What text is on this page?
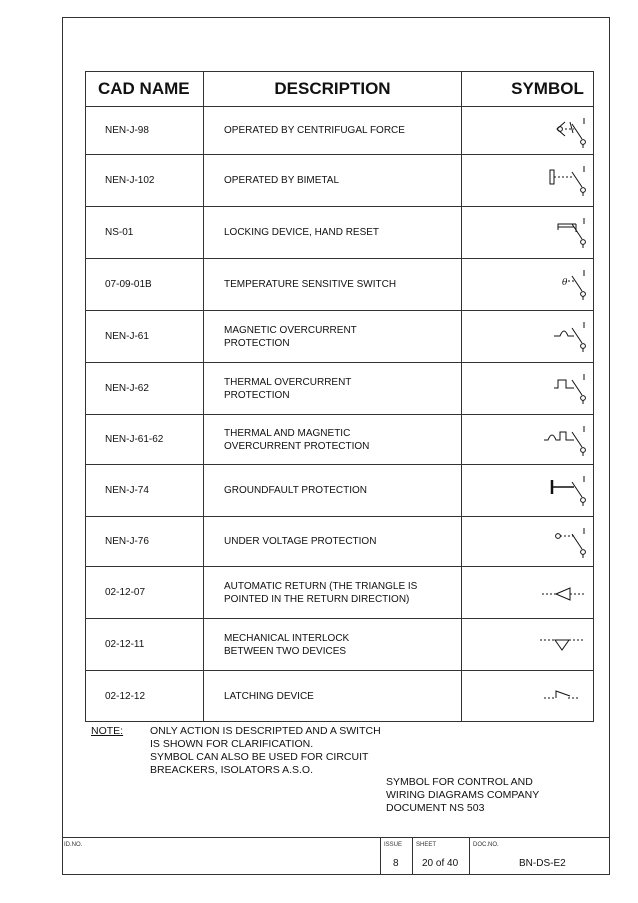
CAD NAME	DESCRIPTION	SYMBOL
NEN-J-98	OPERATED BY CENTRIFUGAL FORCE	

NEN-J-102	OPERATED BY BIMETAL	

NS-01	LOCKING DEVICE, HAND RESET	

07-09-01B	TEMPERATURE SENSITIVE SWITCH	θ

NEN-J-61	MAGNETIC OVERCURRENT
PROTECTION

NEN-J-62	THERMAL OVERCURRENT
PROTECTION

NEN-J-61-62	THERMAL AND MAGNETIC
OVERCURRENT PROTECTION

NEN-J-74	GROUNDFAULT PROTECTION	

NEN-J-76	UNDER VOLTAGE PROTECTION	

02-12-07	AUTOMATIC RETURN (THE TRIANGLE IS
POINTED IN THE RETURN DIRECTION)

02-12-11	MECHANICAL INTERLOCK
BETWEEN TWO DEVICES

02-12-12	LATCHING DEVICE	
NOTE:	ONLY ACTION IS DESCRIPTED AND A SWITCH
IS SHOWN FOR CLARIFICATION.
SYMBOL CAN ALSO BE USED FOR CIRCUIT
BREACKERS, ISOLATORS A.S.O.
SYMBOL FOR CONTROL AND
WIRING DIAGRAMS COMPANY
DOCUMENT NS 503
ID.NO.	ISSUE SHEET	DOC.NO.
8 20 of 40	BN-DS-E2
